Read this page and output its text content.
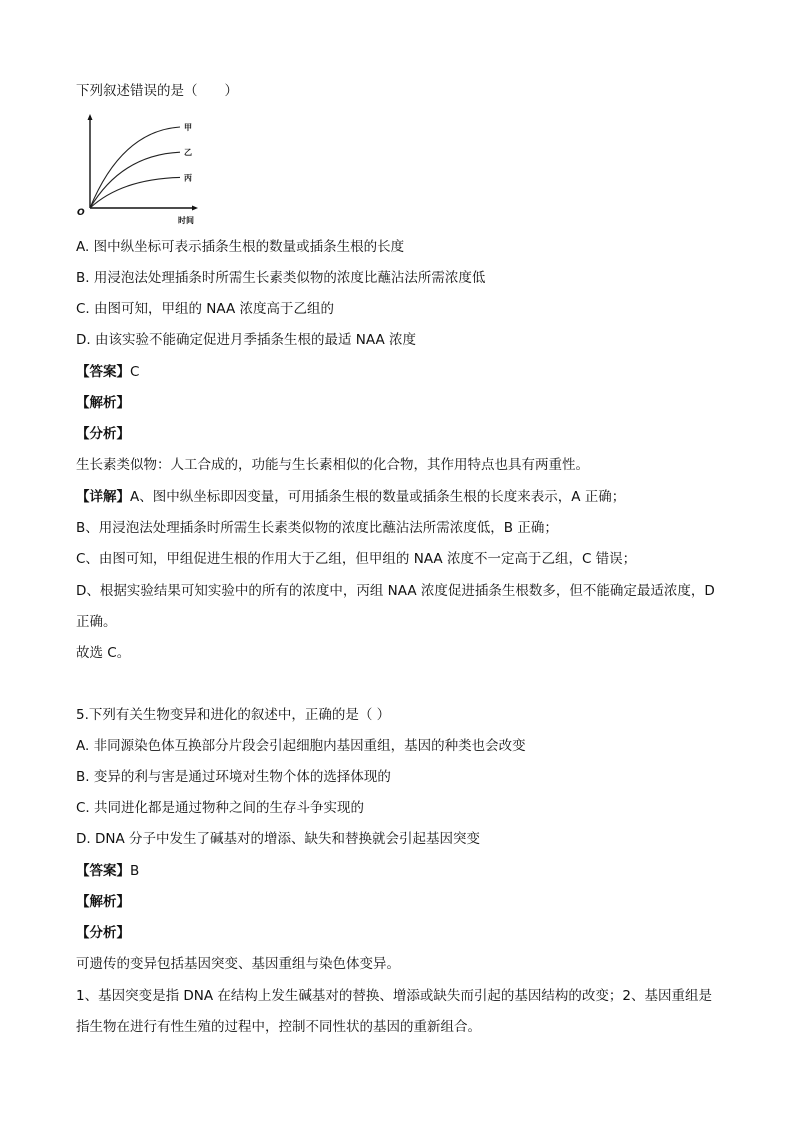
下列叙述错误的是（　　）
甲
乙
丙
O
时间
A. 图中纵坐标可表示插条生根的数量或插条生根的长度
B. 用浸泡法处理插条时所需生长素类似物的浓度比蘸沾法所需浓度低
C. 由图可知，甲组的 NAA 浓度高于乙组的
D. 由该实验不能确定促进月季插条生根的最适 NAA 浓度
【答案】C
【解析】
【分析】
生长素类似物：人工合成的，功能与生长素相似的化合物，其作用特点也具有两重性。
【详解】A、图中纵坐标即因变量，可用插条生根的数量或插条生根的长度来表示，A 正确；
B、用浸泡法处理插条时所需生长素类似物的浓度比蘸沾法所需浓度低，B 正确；
C、由图可知，甲组促进生根的作用大于乙组，但甲组的 NAA 浓度不一定高于乙组，C 错误；
D、根据实验结果可知实验中的所有的浓度中，丙组 NAA 浓度促进插条生根数多，但不能确定最适浓度，D
正确。
故选 C。
5.下列有关生物变异和进化的叙述中，正确的是（ ）
A. 非同源染色体互换部分片段会引起细胞内基因重组，基因的种类也会改变
B. 变异的利与害是通过环境对生物个体的选择体现的
C. 共同进化都是通过物种之间的生存斗争实现的
D. DNA 分子中发生了碱基对的增添、缺失和替换就会引起基因突变
【答案】B
【解析】
【分析】
可遗传的变异包括基因突变、基因重组与染色体变异。
1、基因突变是指 DNA 在结构上发生碱基对的替换、增添或缺失而引起的基因结构的改变；2、基因重组是
指生物在进行有性生殖的过程中，控制不同性状的基因的重新组合。
